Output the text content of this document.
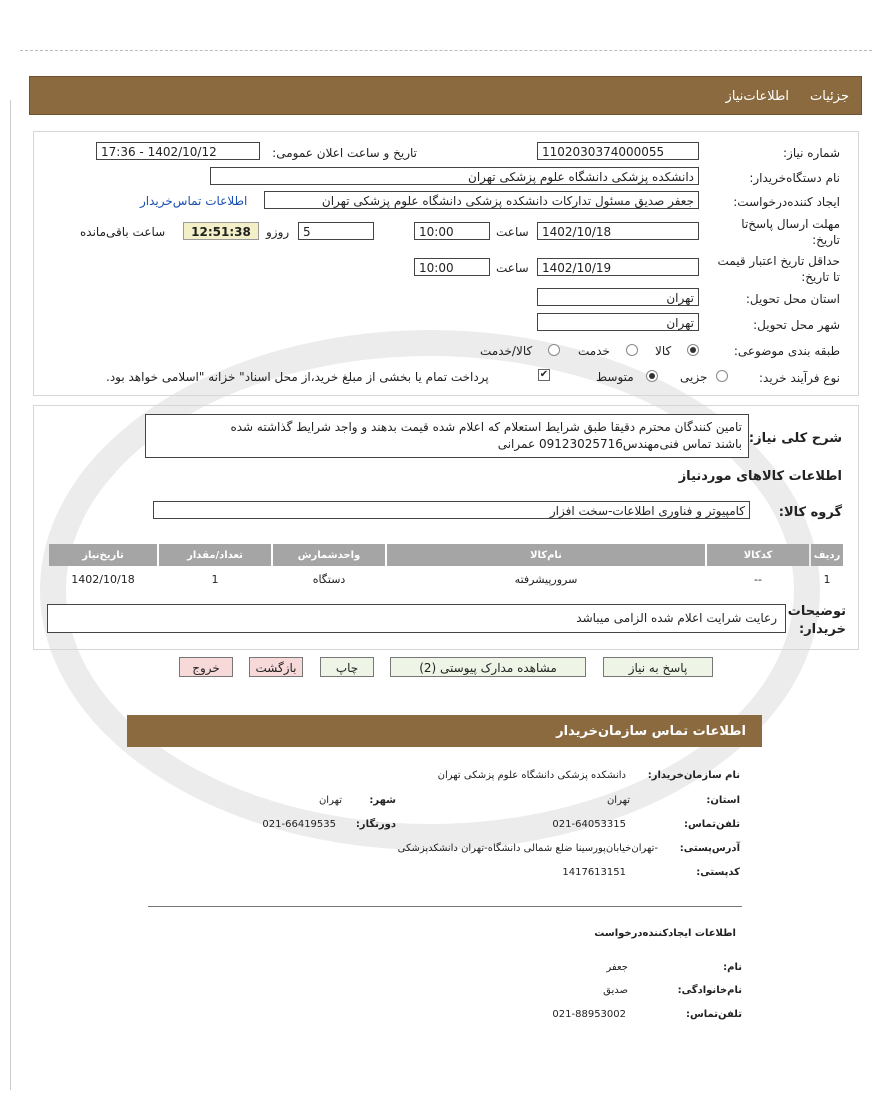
جزئیات
اطلاعات‌نیاز
شماره نیاز:
1102030374000055
تاریخ و ساعت اعلان عمومی:
1402/10/12 - 17:36
نام دستگاه‌خریدار:
دانشکده پزشکی دانشگاه علوم پزشکی تهران
ایجاد کننده‌درخواست:
جعفر صدیق مسئول تدارکات دانشکده پزشکی دانشگاه علوم پزشکی تهران
اطلاعات تماس‌خریدار
مهلت ارسال پاسخ‌تا
تاریخ:
1402/10/18
ساعت
10:00
5
روزو
12:51:38
ساعت باقی‌مانده
حداقل تاریخ اعتبار قیمت
تا تاریخ:
1402/10/19
ساعت
10:00
استان محل تحویل:
تهران
شهر محل تحویل:
تهران
طبقه بندی موضوعی:
کالا
خدمت
کالا/خدمت
نوع فرآیند خرید:
جزیی
متوسط
✔
پرداخت تمام یا بخشی از مبلغ خرید،از محل اسناد" خزانه "اسلامی خواهد بود.
شرح کلی نیاز:
تامین کنندگان محترم دقیقا طبق شرایط استعلام که اعلام شده قیمت بدهند و واجد شرایط گذاشته شده
باشند تماس فنی‌مهندس09123025716 عمرانی
اطلاعات کالاهای موردنیاز
گروه کالا:
کامپیوتر و فناوری اطلاعات-سخت افزار
ردیف	کدکالا	نام‌کالا	واحدشمارش	تعداد/مقدار	تاریخ‌نیاز
1	--	سرورپیشرفته	دستگاه	1	1402/10/18
توضیحات
خریدار:
رعایت شرایت اعلام شده الزامی میباشد
پاسخ به نیاز
مشاهده مدارک پیوستی (2)
چاپ
بازگشت
خروج
اطلاعات تماس سازمان‌خریدار
نام سازمان‌خریدار:
دانشکده پزشکی دانشگاه علوم پزشکی تهران
استان:
تهران
شهر:
تهران
تلفن‌تماس:
021-64053315
دورنگار:
021-66419535
آدرس‌پستی:
-تهران‌خیابان‌پورسینا ضلع شمالی دانشگاه-تهران دانشکدپزشکی
کدپستی:
1417613151
اطلاعات ایجادکننده‌درخواست
نام:
جعفر
نام‌خانوادگی:
صدیق
تلفن‌تماس:
021-88953002
